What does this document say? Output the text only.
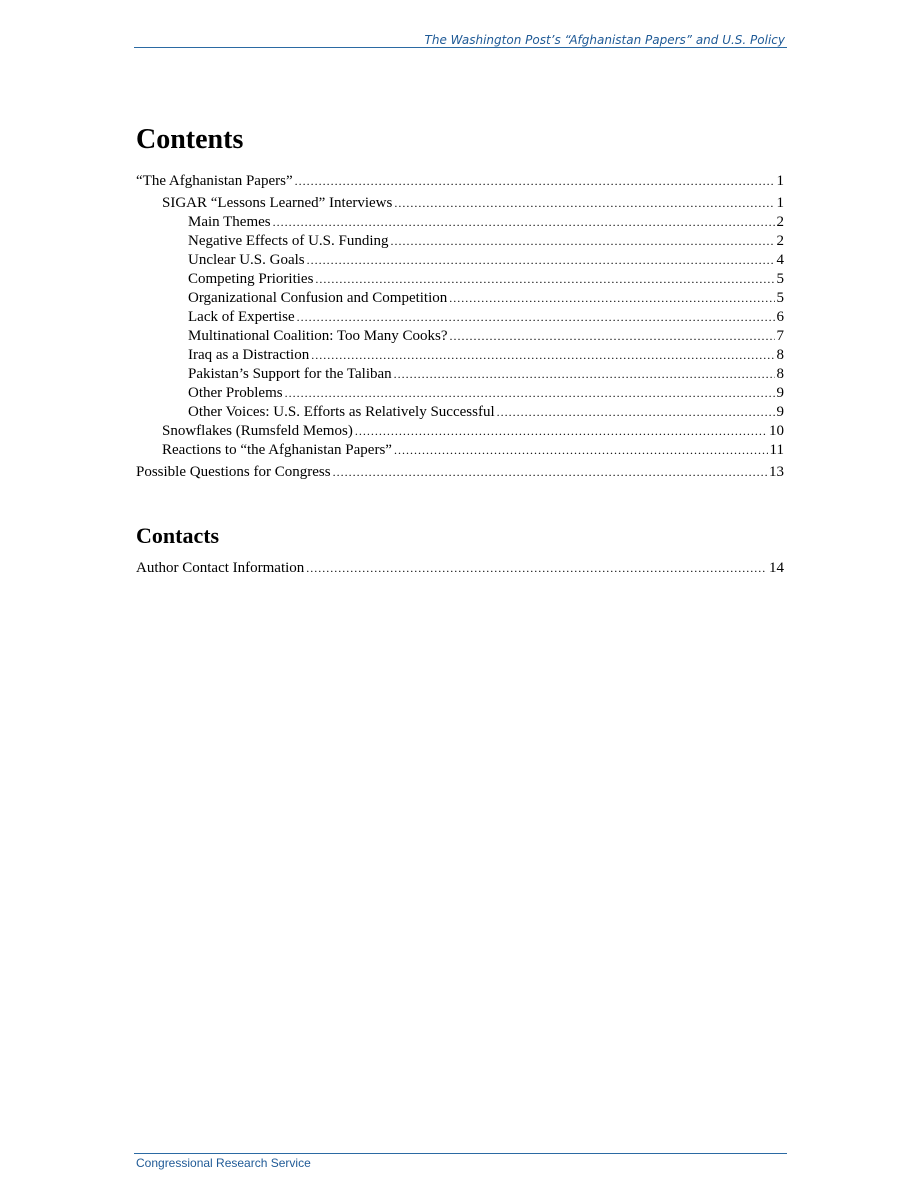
The Washington Post’s “Afghanistan Papers” and U.S. Policy
Contents
“The Afghanistan Papers” .....	1
SIGAR “Lessons Learned” Interviews .....	1
Main Themes .....	2
Negative Effects of U.S. Funding .....	2
Unclear U.S. Goals .....	4
Competing Priorities .....	5
Organizational Confusion and Competition .....	5
Lack of Expertise .....	6
Multinational Coalition: Too Many Cooks? .....	7
Iraq as a Distraction .....	8
Pakistan’s Support for the Taliban .....	8
Other Problems .....	9
Other Voices: U.S. Efforts as Relatively Successful .....	9
Snowflakes (Rumsfeld Memos) .....	10
Reactions to “the Afghanistan Papers” .....	11
Possible Questions for Congress .....	13
Contacts
Author Contact Information .....	14
Congressional Research Service
